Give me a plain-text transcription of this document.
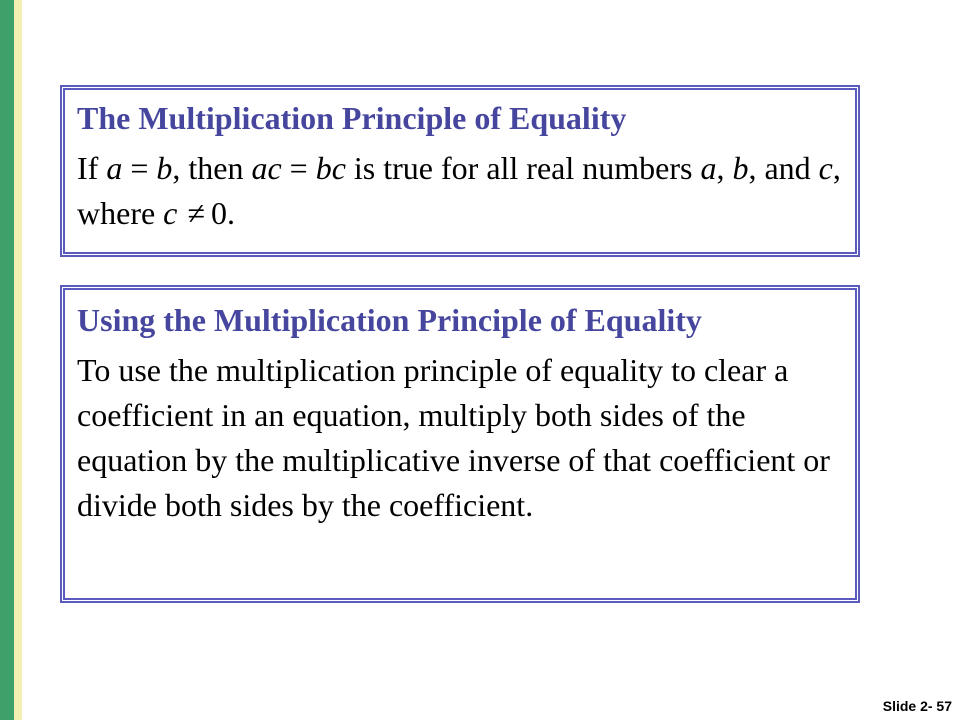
The Multiplication Principle of Equality
If a = b, then ac = bc is true for all real numbers a, b, and c, where c ≠ 0.
Using the Multiplication Principle of Equality
To use the multiplication principle of equality to clear a coefficient in an equation, multiply both sides of the equation by the multiplicative inverse of that coefficient or divide both sides by the coefficient.
Slide 2- 57
